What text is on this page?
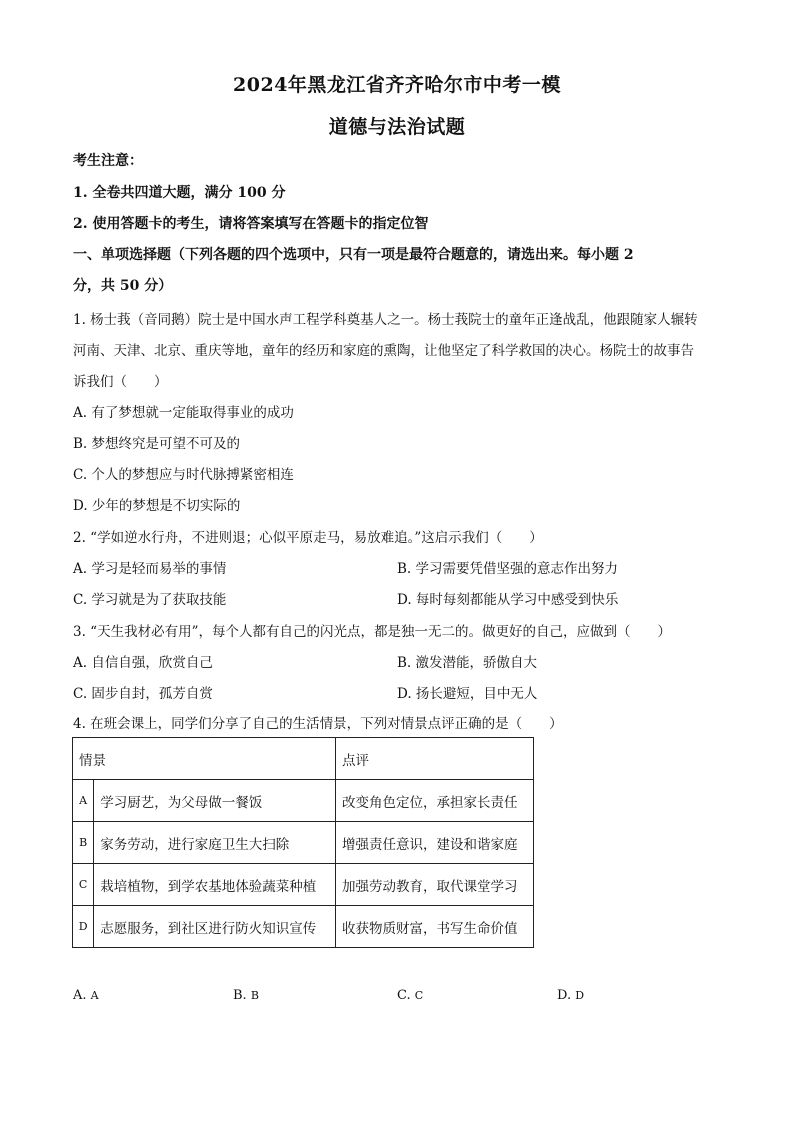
2024年黑龙江省齐齐哈尔市中考一模
道德与法治试题
考生注意：
1. 全卷共四道大题，满分 100 分
2. 使用答题卡的考生，请将答案填写在答题卡的指定位智
一、单项选择题（下列各题的四个选项中，只有一项是最符合题意的，请选出来。每小题 2
分，共 50 分）
1. 杨士莪（音同鹅）院士是中国水声工程学科奠基人之一。杨士莪院士的童年正逢战乱，他跟随家人辗转
河南、天津、北京、重庆等地，童年的经历和家庭的熏陶，让他坚定了科学救国的决心。杨院士的故事告
诉我们（　　）
A. 有了梦想就一定能取得事业的成功
B. 梦想终究是可望不可及的
C. 个人的梦想应与时代脉搏紧密相连
D. 少年的梦想是不切实际的
2. “学如逆水行舟，不进则退；心似平原走马，易放难追。”这启示我们（　　）
A. 学习是轻而易举的事情	B. 学习需要凭借坚强的意志作出努力
C. 学习就是为了获取技能	D. 每时每刻都能从学习中感受到快乐
3. “天生我材必有用”，每个人都有自己的闪光点，都是独一无二的。做更好的自己，应做到（　　）
A. 自信自强，欣赏自己	B. 激发潜能，骄傲自大
C. 固步自封，孤芳自赏	D. 扬长避短，目中无人
4. 在班会课上，同学们分享了自己的生活情景，下列对情景点评正确的是（　　）
情景		点评
A	学习厨艺，为父母做一餐饭	改变角色定位，承担家长责任
B	家务劳动，进行家庭卫生大扫除	增强责任意识，建设和谐家庭
C	栽培植物，到学农基地体验蔬菜种植	加强劳动教育，取代课堂学习
D	志愿服务，到社区进行防火知识宣传	收获物质财富，书写生命价值
A. A	B. B	C. C	D. D
